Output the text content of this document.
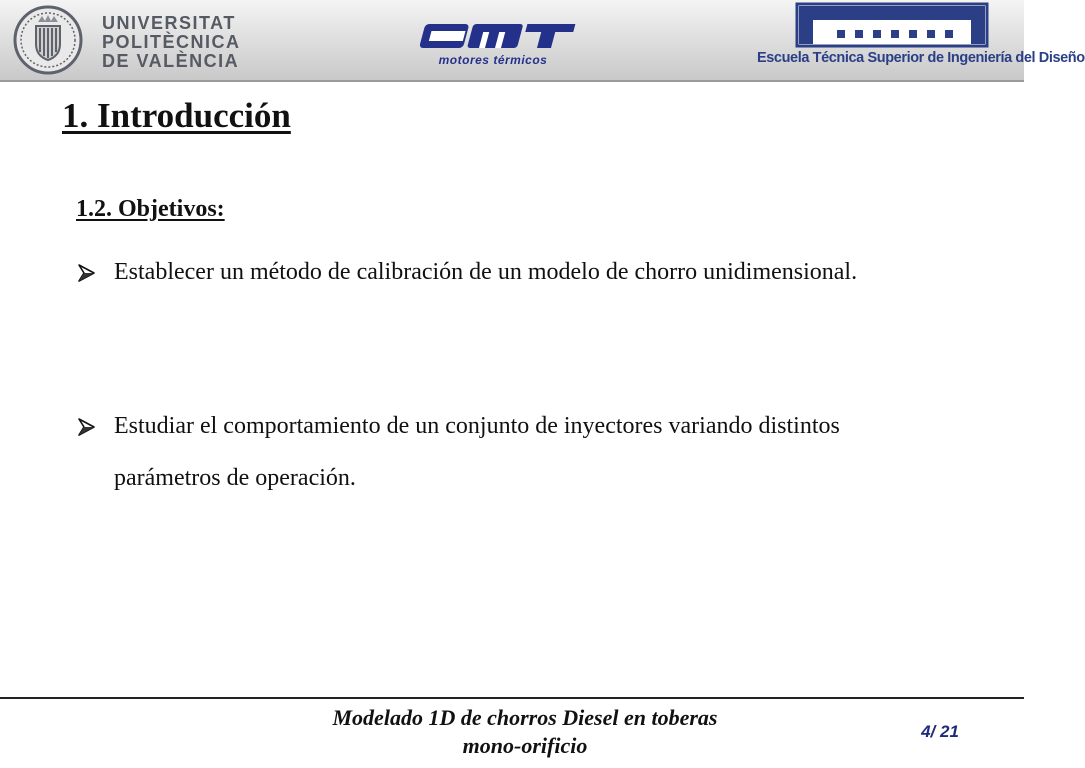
UNIVERSITAT
POLITÈCNICA
DE VALÈNCIA	motores térmicos	Escuela Técnica Superior de Ingeniería del Diseño
1. Introducción
1.2. Objetivos:
Establecer un método de calibración de un modelo de chorro unidimensional.
Estudiar el comportamiento de un conjunto de inyectores variando distintos parámetros de operación.
Modelado 1D de chorros Diesel en toberas
mono-orificio
4/ 21
